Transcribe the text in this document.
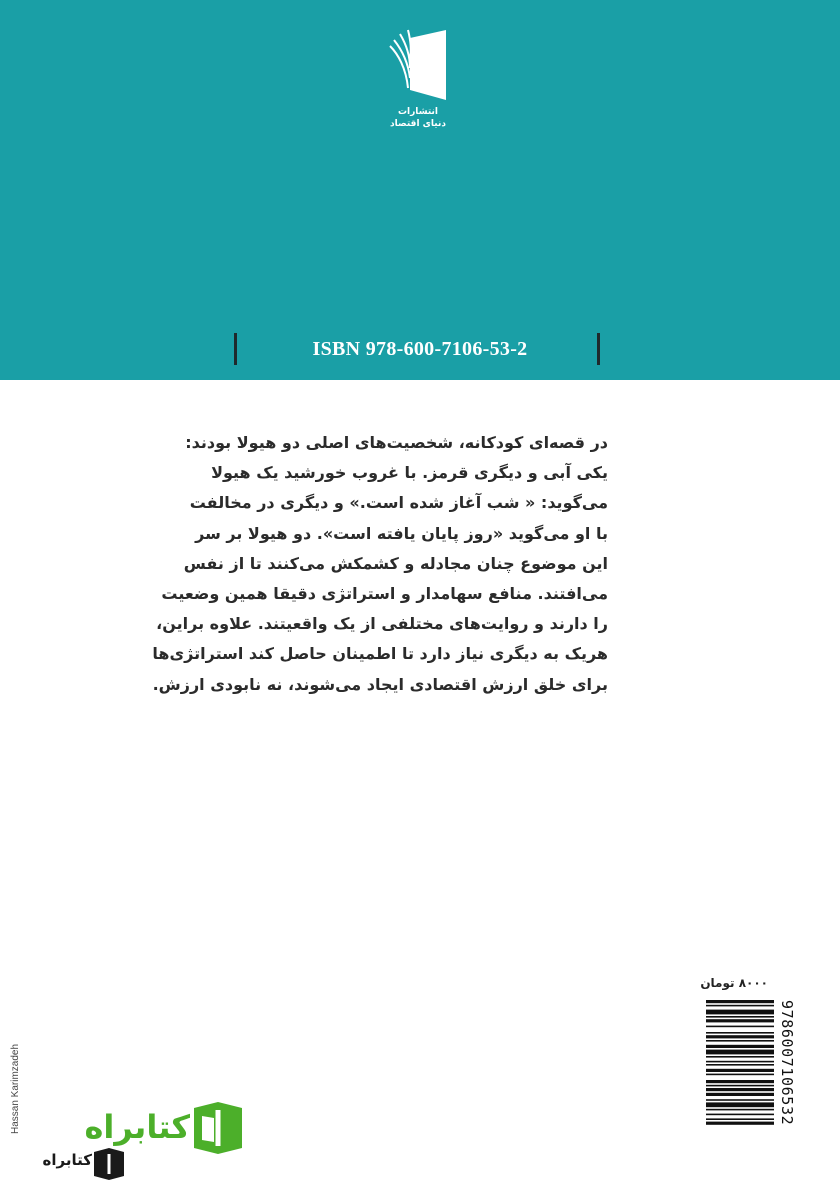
انتشارات
دنیای اقتصاد
ISBN 978-600-7106-53-2
در قصه‌ای کودکانه، شخصیت‌های اصلی دو هیولا بودند:
یکی آبی و دیگری قرمز. با غروب خورشید یک هیولا
می‌گوید: « شب آغاز شده است.» و دیگری در مخالفت
با او می‌گوید «روز پایان یافته است». دو هیولا بر سر
این موضوع چنان مجادله و کشمکش می‌کنند تا از نفس
می‌افتند. منافع سهامدار و استراتژی دقیقا همین وضعیت
را دارند و روایت‌های مختلفی از یک واقعیتند. علاوه براین،
هریک به دیگری نیاز دارد تا اطمینان حاصل کند استراتژی‌ها
برای خلق ارزش اقتصادی ایجاد می‌شوند، نه نابودی ارزش.
۸۰۰۰ تومان
9786007106532
Hassan Karimzadeh	کتابراه
کتابراه
